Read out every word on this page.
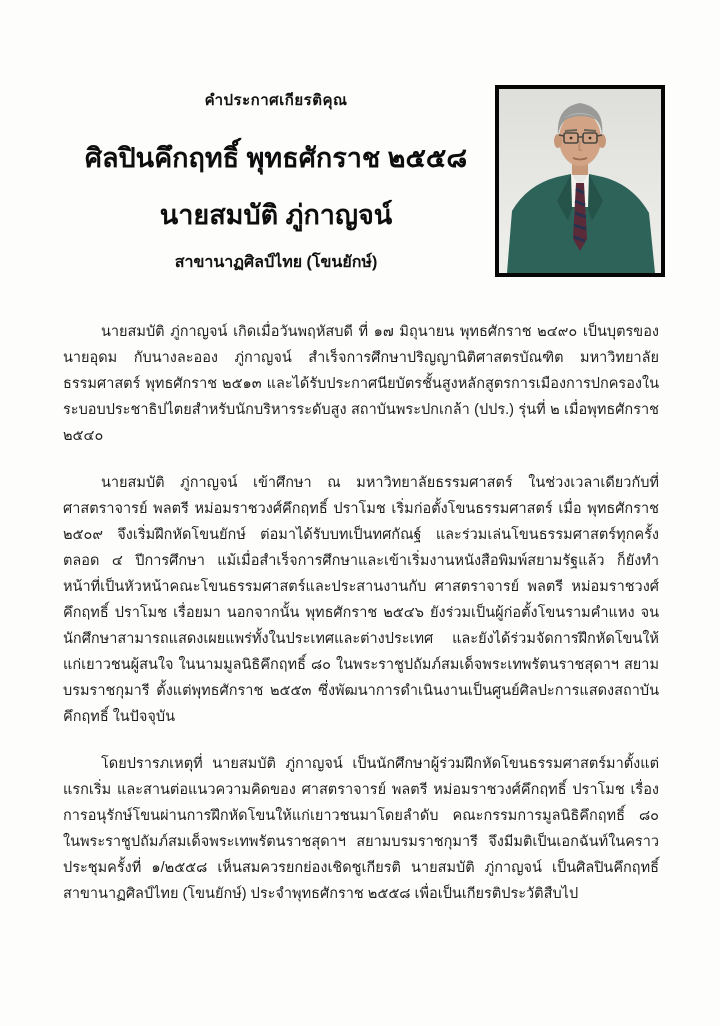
คำประกาศเกียรติคุณ
ศิลปินคึกฤทธิ์ พุทธศักราช ๒๕๕๘
นายสมบัติ ภู่กาญจน์
สาขานาฏศิลป์ไทย (โขนยักษ์)

นายสมบัติ ภู่กาญจน์ เกิดเมื่อวันพฤหัสบดี ที่ ๑๗ มิถุนายน พุทธศักราช ๒๔๙๐ เป็นบุตรของนายอุดม กับนางละออง ภู่กาญจน์ สำเร็จการศึกษาปริญญานิติศาสตรบัณฑิต มหาวิทยาลัยธรรมศาสตร์ พุทธศักราช ๒๕๑๓ และได้รับประกาศนียบัตรชั้นสูงหลักสูตรการเมืองการปกครองในระบอบประชาธิปไตยสำหรับนักบริหารระดับสูง สถาบันพระปกเกล้า (ปปร.) รุ่นที่ ๒ เมื่อพุทธศักราช ๒๕๔๐

นายสมบัติ ภู่กาญจน์ เข้าศึกษา ณ มหาวิทยาลัยธรรมศาสตร์ ในช่วงเวลาเดียวกับที่ศาสตราจารย์ พลตรี หม่อมราชวงศ์คึกฤทธิ์ ปราโมช เริ่มก่อตั้งโขนธรรมศาสตร์ เมื่อ พุทธศักราช ๒๕๐๙ จึงเริ่มฝึกหัดโขนยักษ์ ต่อมาได้รับบทเป็นทศกัณฐ์ และร่วมเล่นโขนธรรมศาสตร์ทุกครั้งตลอด ๔ ปีการศึกษา แม้เมื่อสำเร็จการศึกษาและเข้าเริ่มงานหนังสือพิมพ์สยามรัฐแล้ว ก็ยังทำหน้าที่เป็นหัวหน้าคณะโขนธรรมศาสตร์และประสานงานกับ ศาสตราจารย์ พลตรี หม่อมราชวงศ์คึกฤทธิ์ ปราโมช เรื่อยมา นอกจากนั้น พุทธศักราช ๒๕๔๖ ยังร่วมเป็นผู้ก่อตั้งโขนรามคำแหง จนนักศึกษาสามารถแสดงเผยแพร่ทั้งในประเทศและต่างประเทศ และยังได้ร่วมจัดการฝึกหัดโขนให้แก่เยาวชนผู้สนใจ ในนามมูลนิธิคึกฤทธิ์ ๘๐ ในพระราชูปถัมภ์สมเด็จพระเทพรัตนราชสุดาฯ สยามบรมราชกุมารี ตั้งแต่พุทธศักราช ๒๕๕๓ ซึ่งพัฒนาการดำเนินงานเป็นศูนย์ศิลปะการแสดงสถาบันคึกฤทธิ์ ในปัจจุบัน

โดยปรารภเหตุที่ นายสมบัติ ภู่กาญจน์ เป็นนักศึกษาผู้ร่วมฝึกหัดโขนธรรมศาสตร์มาตั้งแต่แรกเริ่ม และสานต่อแนวความคิดของ ศาสตราจารย์ พลตรี หม่อมราชวงศ์คึกฤทธิ์ ปราโมช เรื่องการอนุรักษ์โขนผ่านการฝึกหัดโขนให้แก่เยาวชนมาโดยลำดับ คณะกรรมการมูลนิธิคึกฤทธิ์ ๘๐ ในพระราชูปถัมภ์สมเด็จพระเทพรัตนราชสุดาฯ สยามบรมราชกุมารี จึงมีมติเป็นเอกฉันท์ในคราวประชุมครั้งที่ ๑/๒๕๕๘ เห็นสมควรยกย่องเชิดชูเกียรติ นายสมบัติ ภู่กาญจน์ เป็นศิลปินคึกฤทธิ์ สาขานาฏศิลป์ไทย (โขนยักษ์) ประจำพุทธศักราช ๒๕๕๘ เพื่อเป็นเกียรติประวัติสืบไป
